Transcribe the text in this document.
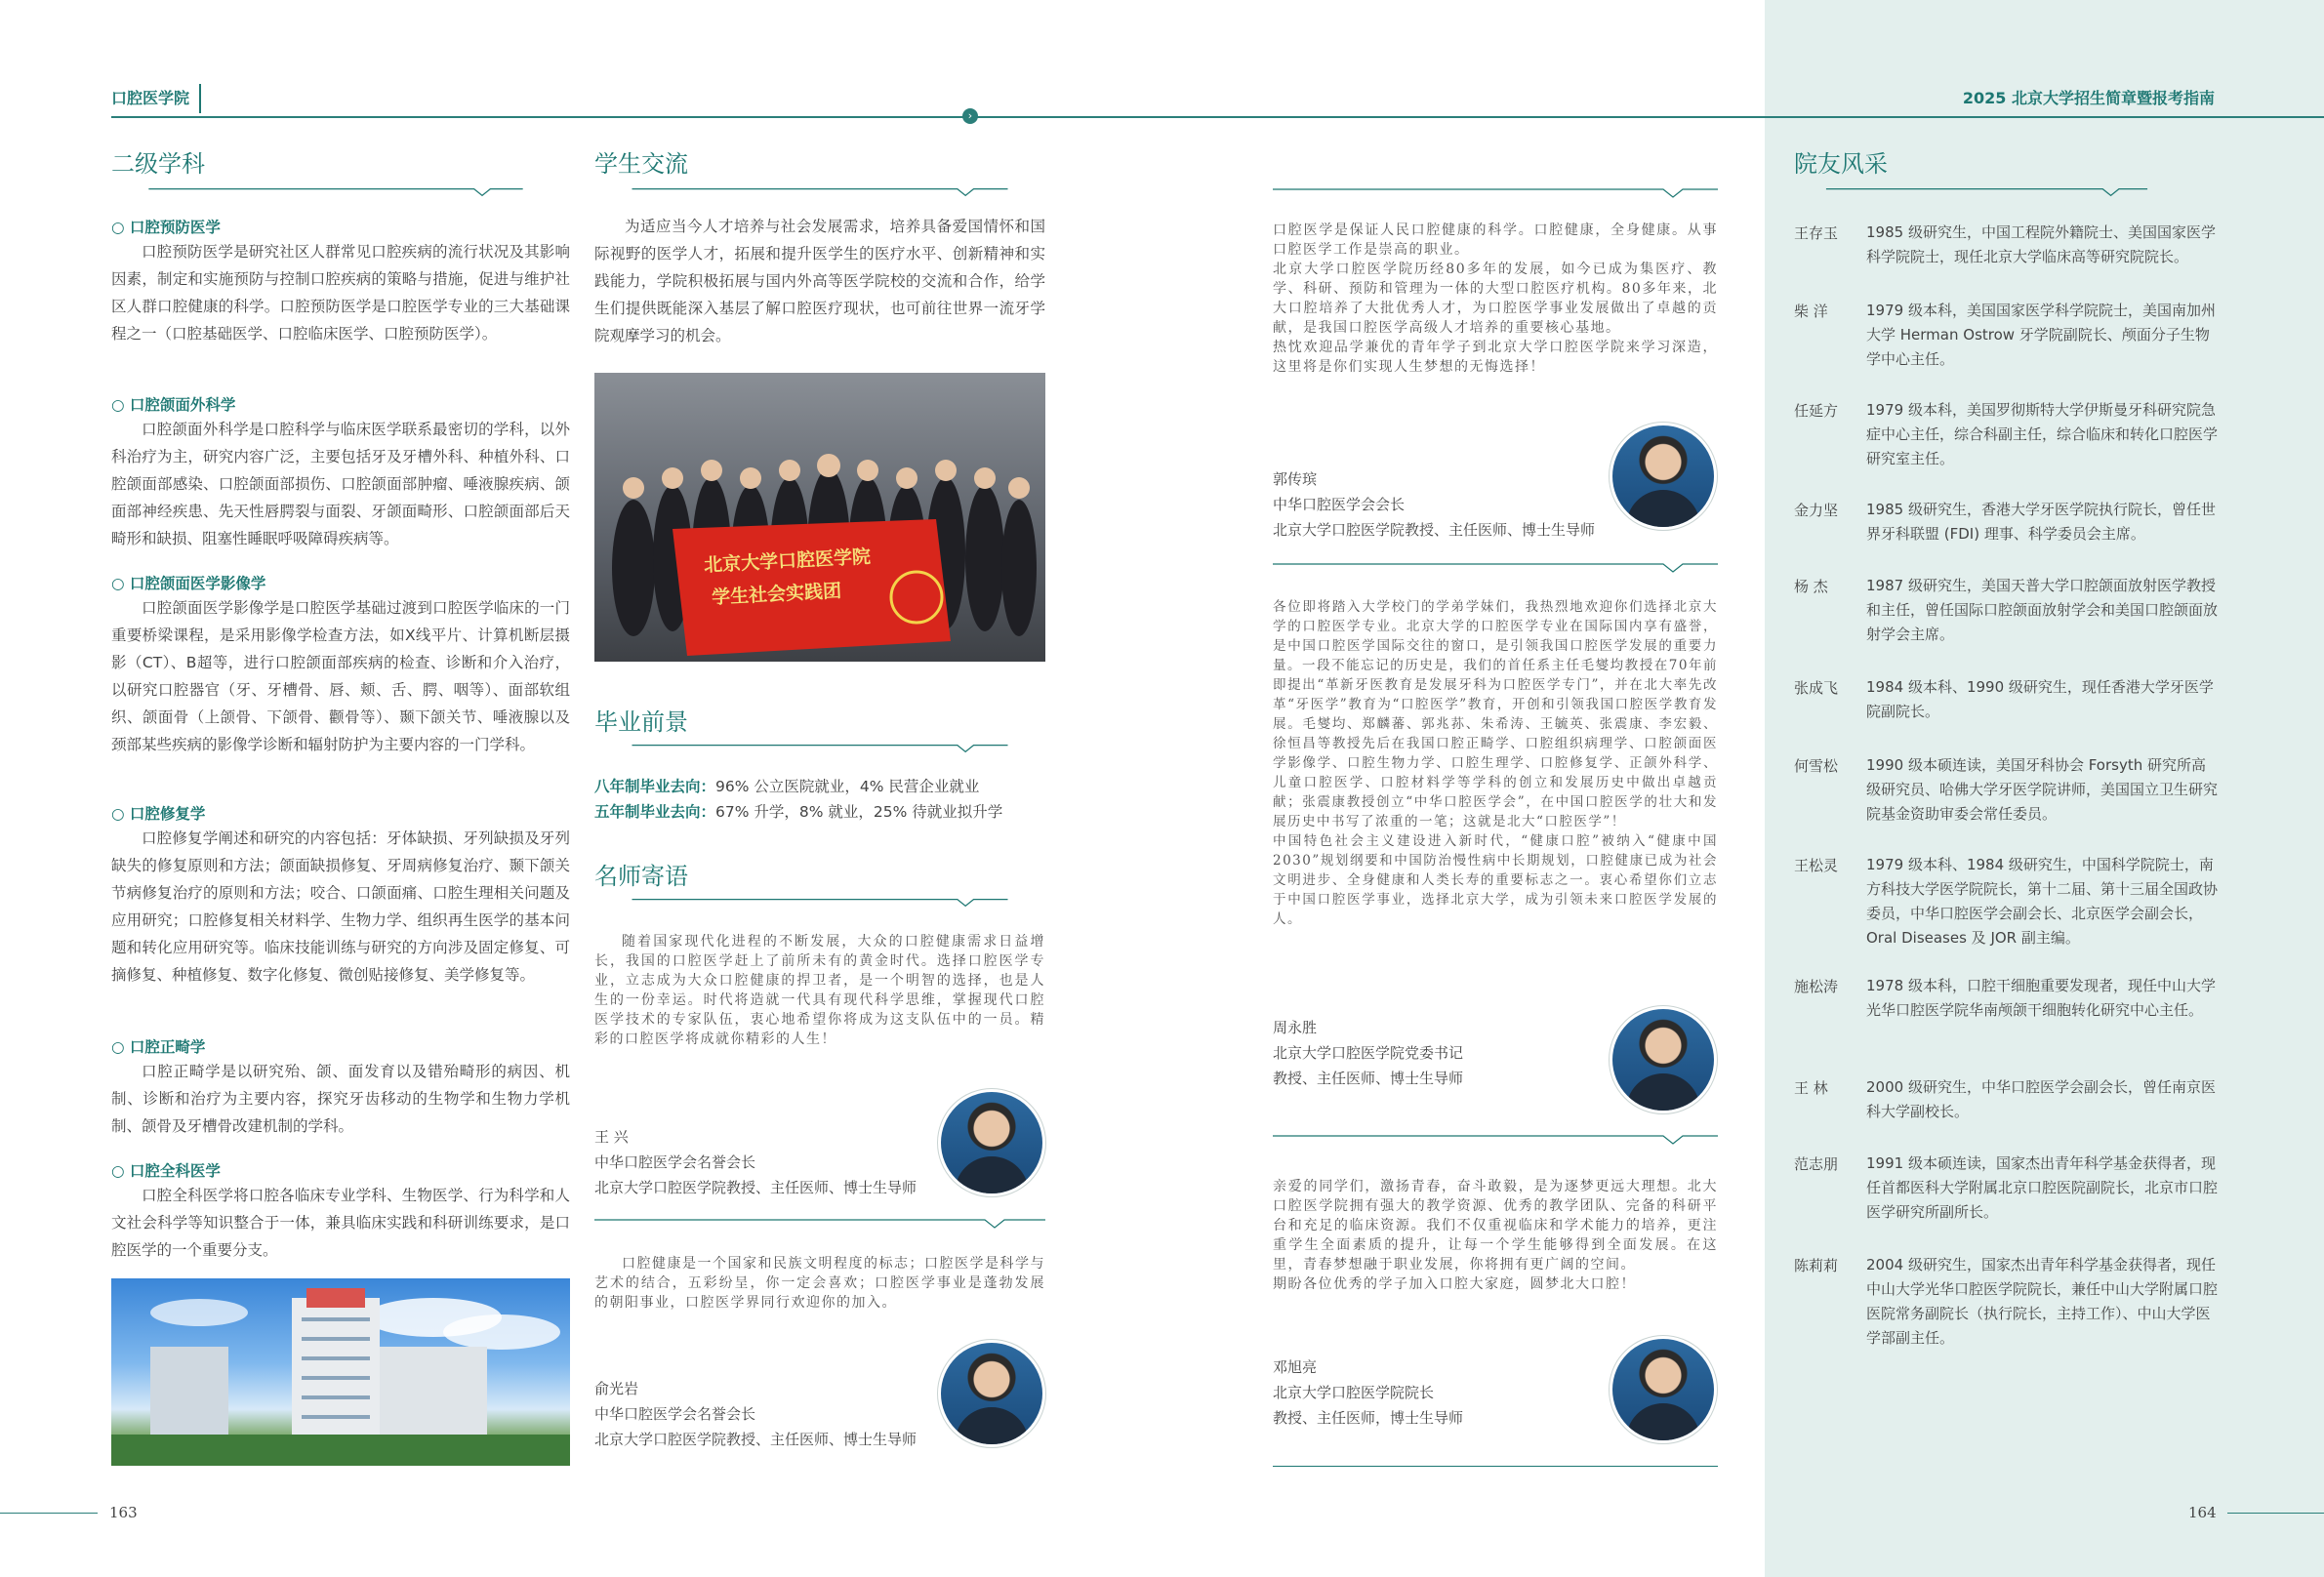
口腔医学院	2025 北京大学招生简章暨报考指南
›
二级学科
○ 口腔预防医学

口腔预防医学是研究社区人群常见口腔疾病的流行状况及其影响因素，制定和实施预防与控制口腔疾病的策略与措施，促进与维护社区人群口腔健康的科学。口腔预防医学是口腔医学专业的三大基础课程之一（口腔基础医学、口腔临床医学、口腔预防医学）。

○ 口腔颌面外科学

口腔颌面外科学是口腔科学与临床医学联系最密切的学科，以外科治疗为主，研究内容广泛，主要包括牙及牙槽外科、种植外科、口腔颌面部感染、口腔颌面部损伤、口腔颌面部肿瘤、唾液腺疾病、颌面部神经疾患、先天性唇腭裂与面裂、牙颌面畸形、口腔颌面部后天畸形和缺损、阻塞性睡眠呼吸障碍疾病等。

○ 口腔颌面医学影像学

口腔颌面医学影像学是口腔医学基础过渡到口腔医学临床的一门重要桥梁课程，是采用影像学检查方法，如X线平片、计算机断层摄影（CT）、B超等，进行口腔颌面部疾病的检查、诊断和介入治疗，以研究口腔器官（牙、牙槽骨、唇、颊、舌、腭、咽等）、面部软组织、颌面骨（上颌骨、下颌骨、颧骨等）、颞下颌关节、唾液腺以及颈部某些疾病的影像学诊断和辐射防护为主要内容的一门学科。

○ 口腔修复学

口腔修复学阐述和研究的内容包括：牙体缺损、牙列缺损及牙列缺失的修复原则和方法；颌面缺损修复、牙周病修复治疗、颞下颌关节病修复治疗的原则和方法；咬合、口颌面痛、口腔生理相关问题及应用研究；口腔修复相关材料学、生物力学、组织再生医学的基本问题和转化应用研究等。临床技能训练与研究的方向涉及固定修复、可摘修复、种植修复、数字化修复、微创贴接修复、美学修复等。

○ 口腔正畸学

口腔正畸学是以研究殆、颌、面发育以及错殆畸形的病因、机制、诊断和治疗为主要内容，探究牙齿移动的生物学和生物力学机制、颌骨及牙槽骨改建机制的学科。

○ 口腔全科医学

口腔全科医学将口腔各临床专业学科、生物医学、行为科学和人文社会科学等知识整合于一体，兼具临床实践和科研训练要求，是口腔医学的一个重要分支。

学生交流

为适应当今人才培养与社会发展需求，培养具备爱国情怀和国际视野的医学人才，拓展和提升医学生的医疗水平、创新精神和实践能力，学院积极拓展与国内外高等医学院校的交流和合作，给学生们提供既能深入基层了解口腔医疗现状，也可前往世界一流牙学院观摩学习的机会。

北京大学口腔医学院
学生社会实践团
毕业前景
八年制毕业去向：96% 公立医院就业，4% 民营企业就业
五年制毕业去向：67% 升学，8% 就业，25% 待就业拟升学
名师寄语

随着国家现代化进程的不断发展，大众的口腔健康需求日益增长，我国的口腔医学赶上了前所未有的黄金时代。选择口腔医学专业，立志成为大众口腔健康的捍卫者，是一个明智的选择，也是人生的一份幸运。时代将造就一代具有现代科学思维，掌握现代口腔医学技术的专家队伍，衷心地希望你将成为这支队伍中的一员。精彩的口腔医学将成就你精彩的人生！

王 兴
中华口腔医学会名誉会长
北京大学口腔医学院教授、主任医师、博士生导师

口腔健康是一个国家和民族文明程度的标志；口腔医学是科学与艺术的结合，五彩纷呈，你一定会喜欢；口腔医学事业是蓬勃发展的朝阳事业，口腔医学界同行欢迎你的加入。

俞光岩
中华口腔医学会名誉会长
北京大学口腔医学院教授、主任医师、博士生导师
口腔医学是保证人民口腔健康的科学。口腔健康，全身健康。从事口腔医学工作是崇高的职业。
北京大学口腔医学院历经80多年的发展，如今已成为集医疗、教学、科研、预防和管理为一体的大型口腔医疗机构。80多年来，北大口腔培养了大批优秀人才，为口腔医学事业发展做出了卓越的贡献，是我国口腔医学高级人才培养的重要核心基地。
热忱欢迎品学兼优的青年学子到北京大学口腔医学院来学习深造，这里将是你们实现人生梦想的无悔选择！
郭传瑸
中华口腔医学会会长
北京大学口腔医学院教授、主任医师、博士生导师
各位即将踏入大学校门的学弟学妹们，我热烈地欢迎你们选择北京大学的口腔医学专业。北京大学的口腔医学专业在国际国内享有盛誉，是中国口腔医学国际交往的窗口，是引领我国口腔医学发展的重要力量。一段不能忘记的历史是，我们的首任系主任毛燮均教授在70年前即提出“革新牙医教育是发展牙科为口腔医学专门”，并在北大率先改革“牙医学”教育为“口腔医学”教育，开创和引领我国口腔医学教育发展。毛燮均、郑麟蕃、郭兆荪、朱希涛、王毓英、张震康、李宏毅、徐恒昌等教授先后在我国口腔正畸学、口腔组织病理学、口腔颌面医学影像学、口腔生物力学、口腔生理学、口腔修复学、正颌外科学、儿童口腔医学、口腔材料学等学科的创立和发展历史中做出卓越贡献；张震康教授创立“中华口腔医学会”，在中国口腔医学的壮大和发展历史中书写了浓重的一笔；这就是北大“口腔医学”！
中国特色社会主义建设进入新时代，“健康口腔”被纳入“健康中国2030”规划纲要和中国防治慢性病中长期规划，口腔健康已成为社会文明进步、全身健康和人类长寿的重要标志之一。衷心希望你们立志于中国口腔医学事业，选择北京大学，成为引领未来口腔医学发展的人。
周永胜
北京大学口腔医学院党委书记
教授、主任医师、博士生导师
亲爱的同学们，激扬青春，奋斗敢毅，是为逐梦更远大理想。北大口腔医学院拥有强大的教学资源、优秀的教学团队、完备的科研平台和充足的临床资源。我们不仅重视临床和学术能力的培养，更注重学生全面素质的提升，让每一个学生能够得到全面发展。在这里，青春梦想融于职业发展，你将拥有更广阔的空间。
期盼各位优秀的学子加入口腔大家庭，圆梦北大口腔！
邓旭亮
北京大学口腔医学院院长
教授、主任医师，博士生导师
院友风采
王存玉	1985 级研究生，中国工程院外籍院士、美国国家医学科学院院士，现任北京大学临床高等研究院院长。
柴 洋	1979 级本科，美国国家医学科学院院士，美国南加州大学 Herman Ostrow 牙学院副院长、颅面分子生物学中心主任。
任延方	1979 级本科，美国罗彻斯特大学伊斯曼牙科研究院急症中心主任，综合科副主任，综合临床和转化口腔医学研究室主任。
金力坚	1985 级研究生，香港大学牙医学院执行院长，曾任世界牙科联盟 (FDI) 理事、科学委员会主席。
杨 杰	1987 级研究生，美国天普大学口腔颌面放射医学教授和主任，曾任国际口腔颌面放射学会和美国口腔颌面放射学会主席。
张成飞	1984 级本科、1990 级研究生，现任香港大学牙医学院副院长。
何雪松	1990 级本硕连读，美国牙科协会 Forsyth 研究所高级研究员、哈佛大学牙医学院讲师，美国国立卫生研究院基金资助审委会常任委员。
王松灵	1979 级本科、1984 级研究生，中国科学院院士，南方科技大学医学院院长，第十二届、第十三届全国政协委员，中华口腔医学会副会长、北京医学会副会长，Oral Diseases 及 JOR 副主编。
施松涛	1978 级本科，口腔干细胞重要发现者，现任中山大学光华口腔医学院华南颅颌干细胞转化研究中心主任。
王 林	2000 级研究生，中华口腔医学会副会长，曾任南京医科大学副校长。
范志朋	1991 级本硕连读，国家杰出青年科学基金获得者，现任首都医科大学附属北京口腔医院副院长，北京市口腔医学研究所副所长。
陈莉莉	2004 级研究生，国家杰出青年科学基金获得者，现任中山大学光华口腔医学院院长，兼任中山大学附属口腔医院常务副院长（执行院长，主持工作）、中山大学医学部副主任。
163	164
